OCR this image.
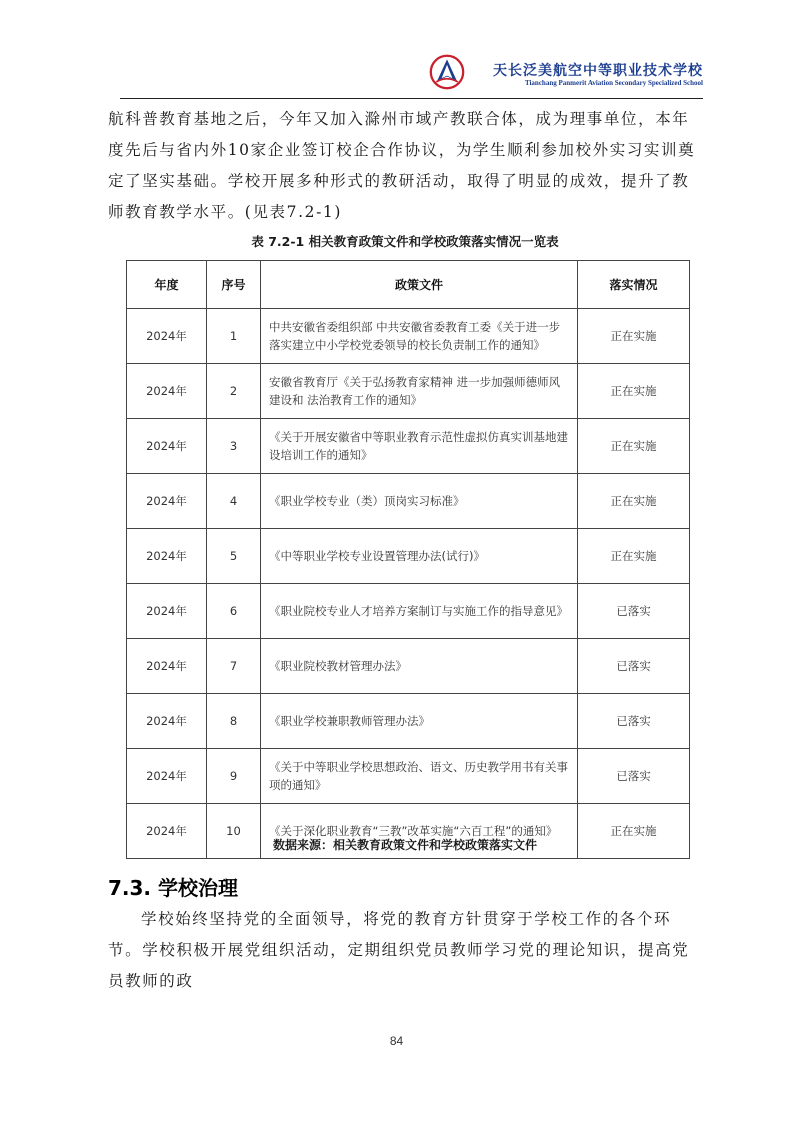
天长泛美航空中等职业技术学校
Tianchang Panmerit Aviation Secondary Specialized School
航科普教育基地之后，今年又加入滁州市域产教联合体，成为理事单位，本年度先后与省内外10家企业签订校企合作协议，为学生顺利参加校外实习实训奠定了坚实基础。学校开展多种形式的教研活动，取得了明显的成效，提升了教师教育教学水平。(见表7.2-1)
表 7.2-1 相关教育政策文件和学校政策落实情况一览表
年度	序号	政策文件	落实情况
2024年	1	中共安徽省委组织部 中共安徽省委教育工委《关于进一步落实建立中小学校党委领导的校长负责制工作的通知》	正在实施
2024年	2	安徽省教育厅《关于弘扬教育家精神 进一步加强师德师风建设和 法治教育工作的通知》	正在实施
2024年	3	《关于开展安徽省中等职业教育示范性虚拟仿真实训基地建设培训工作的通知》	正在实施
2024年	4	《职业学校专业（类）顶岗实习标准》	正在实施
2024年	5	《中等职业学校专业设置管理办法(试行)》	正在实施
2024年	6	《职业院校专业人才培养方案制订与实施工作的指导意见》	已落实
2024年	7	《职业院校教材管理办法》	已落实
2024年	8	《职业学校兼职教师管理办法》	已落实
2024年	9	《关于中等职业学校思想政治、语文、历史教学用书有关事项的通知》	已落实
2024年	10	《关于深化职业教育“三教”改革实施“六百工程”的通知》	正在实施
数据来源：相关教育政策文件和学校政策落实文件
7.3. 学校治理
学校始终坚持党的全面领导，将党的教育方针贯穿于学校工作的各个环节。学校积极开展党组织活动，定期组织党员教师学习党的理论知识，提高党员教师的政
84
